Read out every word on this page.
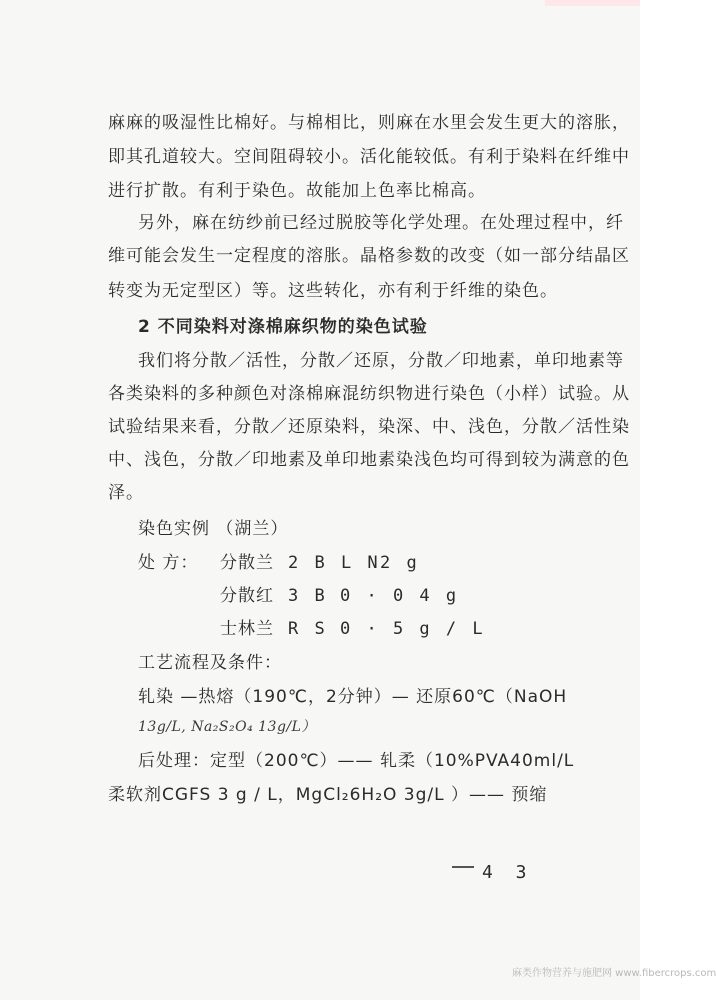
麻麻的吸湿性比棉好。与棉相比，则麻在水里会发生更大的溶胀，
即其孔道较大。空间阻碍较小。活化能较低。有利于染料在纤维中
进行扩散。有利于染色。故能加上色率比棉高。
另外，麻在纺纱前已经过脱胶等化学处理。在处理过程中，纤
维可能会发生一定程度的溶胀。晶格参数的改变（如一部分结晶区
转变为无定型区）等。这些转化，亦有利于纤维的染色。
2 不同染料对涤棉麻织物的染色试验
我们将分散／活性，分散／还原，分散／印地素，单印地素等
各类染料的多种颜色对涤棉麻混纺织物进行染色（小样）试验。从
试验结果来看，分散／还原染料，染深、中、浅色，分散／活性染
中、浅色，分散／印地素及单印地素染浅色均可得到较为满意的色
泽。
染色实例 （湖兰）
处 方： 分散兰 2 B L N 2 g
分散红 3 B 0 · 0 4 g
士林兰 R S 0 · 5 g / L
工艺流程及条件：
轧染 —热熔（190℃，2分钟）— 还原60℃（NaOH
13g/L, Na₂S₂O₄ 13g/L）
后处理：定型（200℃）—— 轧柔（10%PVA40ml/L
柔软剂CGFS 3 g / L，MgCl₂6H₂O 3g/L ）—— 预缩
4 3
麻类作物营养与施肥网 www.fibercrops.com
